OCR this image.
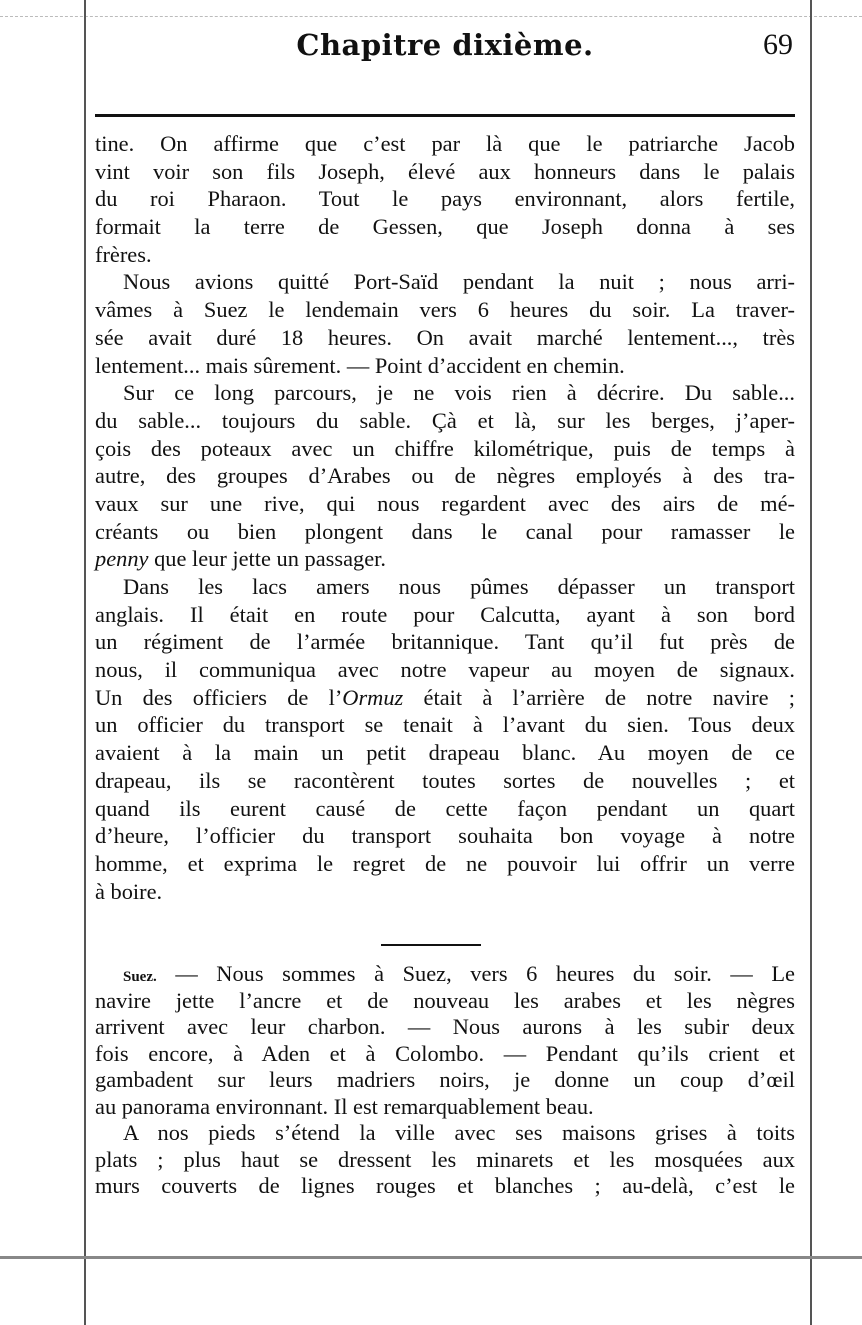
Chapitre dixième.	69
tine. On affirme que c’est par là que le patriarche Jacob
vint voir son fils Joseph, élevé aux honneurs dans le palais
du roi Pharaon. Tout le pays environnant, alors fertile,
formait la terre de Gessen, que Joseph donna à ses
frères.
Nous avions quitté Port-Saïd pendant la nuit ; nous arri-
vâmes à Suez le lendemain vers 6 heures du soir. La traver-
sée avait duré 18 heures. On avait marché lentement..., très
lentement... mais sûrement. — Point d’accident en chemin.
Sur ce long parcours, je ne vois rien à décrire. Du sable...
du sable... toujours du sable. Çà et là, sur les berges, j’aper-
çois des poteaux avec un chiffre kilométrique, puis de temps à
autre, des groupes d’Arabes ou de nègres employés à des tra-
vaux sur une rive, qui nous regardent avec des airs de mé-
créants ou bien plongent dans le canal pour ramasser le
penny que leur jette un passager.
Dans les lacs amers nous pûmes dépasser un transport
anglais. Il était en route pour Calcutta, ayant à son bord
un régiment de l’armée britannique. Tant qu’il fut près de
nous, il communiqua avec notre vapeur au moyen de signaux.
Un des officiers de l’Ormuz était à l’arrière de notre navire ;
un officier du transport se tenait à l’avant du sien. Tous deux
avaient à la main un petit drapeau blanc. Au moyen de ce
drapeau, ils se racontèrent toutes sortes de nouvelles ; et
quand ils eurent causé de cette façon pendant un quart
d’heure, l’officier du transport souhaita bon voyage à notre
homme, et exprima le regret de ne pouvoir lui offrir un verre
à boire.
Suez. — Nous sommes à Suez, vers 6 heures du soir. — Le
navire jette l’ancre et de nouveau les arabes et les nègres
arrivent avec leur charbon. — Nous aurons à les subir deux
fois encore, à Aden et à Colombo. — Pendant qu’ils crient et
gambadent sur leurs madriers noirs, je donne un coup d’œil
au panorama environnant. Il est remarquablement beau.
A nos pieds s’étend la ville avec ses maisons grises à toits
plats ; plus haut se dressent les minarets et les mosquées aux
murs couverts de lignes rouges et blanches ; au-delà, c’est le
